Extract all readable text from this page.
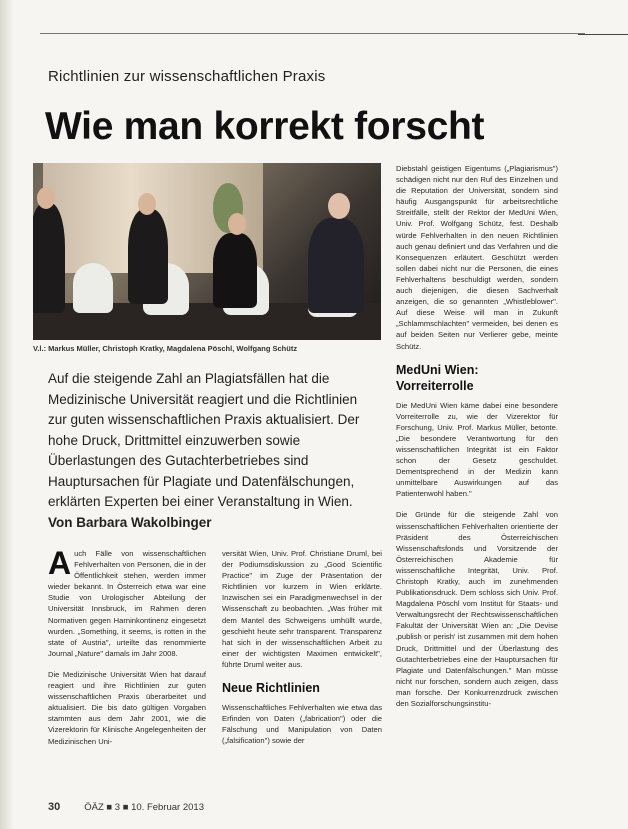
Richtlinien zur wissenschaftlichen Praxis
Wie man korrekt forscht
V.l.: Markus Müller, Christoph Kratky, Magdalena Pöschl, Wolfgang Schütz

Auf die steigende Zahl an Plagiatsfällen hat die Medizinische Universität reagiert und die Richtlinien zur guten wissenschaftlichen Praxis aktualisiert. Der hohe Druck, Drittmittel einzuwerben sowie Überlastungen des Gutachterbetriebes sind Hauptursachen für Plagiate und Datenfälschungen, erklärten Experten bei einer Veranstaltung in Wien.

Von Barbara Wakolbinger

Auch Fälle von wissenschaftlichen Fehlverhalten von Personen, die in der Öffentlichkeit stehen, werden immer wieder bekannt. In Österreich etwa war eine Studie von Urologischer Abteilung der Universität Innsbruck, im Rahmen deren Normativen gegen Harninkontinenz eingesetzt wurden. „Something, it seems, is rotten in the state of Austria", urteilte das renommierte Journal „Nature" damals im Jahr 2008.

Die Medizinische Universität Wien hat darauf reagiert und ihre Richtlinien zur guten wissenschaftlichen Praxis überarbeitet und aktualisiert. Die bis dato gültigen Vorgaben stammten aus dem Jahr 2001, wie die Vizerektorin für Klinische Angelegenheiten der Medizinischen Uni-

versität Wien, Univ. Prof. Christiane Druml, bei der Podiumsdiskussion zu „Good Scientific Practice" im Zuge der Präsentation der Richtlinien vor kurzem in Wien erklärte. Inzwischen sei ein Paradigmenwechsel in der Wissenschaft zu beobachten. „Was früher mit dem Mantel des Schweigens umhüllt wurde, geschieht heute sehr transparent. Transparenz hat sich in der wissenschaftlichen Arbeit zu einer der wichtigsten Maximen entwickelt", führte Druml weiter aus.

Neue Richtlinien

Wissenschaftliches Fehlverhalten wie etwa das Erfinden von Daten („fabrication") oder die Fälschung und Manipulation von Daten („falsification") sowie der

Diebstahl geistigen Eigentums („Plagiarismus") schädigen nicht nur den Ruf des Einzelnen und die Reputation der Universität, sondern sind häufig Ausgangspunkt für arbeitsrechtliche Streitfälle, stellt der Rektor der MedUni Wien, Univ. Prof. Wolfgang Schütz, fest. Deshalb würde Fehlverhalten in den neuen Richtlinien auch genau definiert und das Verfahren und die Konsequenzen erläutert. Geschützt werden sollen dabei nicht nur die Personen, die eines Fehlverhaltens beschuldigt werden, sondern auch diejenigen, die diesen Sachverhalt anzeigen, die so genannten „Whistleblower". Auf diese Weise will man in Zukunft „Schlammschlachten" vermeiden, bei denen es auf beiden Seiten nur Verlierer gebe, meinte Schütz.

MedUni Wien: Vorreiterrolle

Die MedUni Wien käme dabei eine besondere Vorreiterrolle zu, wie der Vizerektor für Forschung, Univ. Prof. Markus Müller, betonte. „Die besondere Verantwortung für den wissenschaftlichen Integrität ist ein Faktor schon der Gesetz geschuldet. Dementsprechend in der Medizin kann unmittelbare Auswirkungen auf das Patientenwohl haben."

Die Gründe für die steigende Zahl von wissenschaftlichen Fehlverhalten orientierte der Präsident des Österreichischen Wissenschaftsfonds und Vorsitzende der Österreichischen Akademie für wissenschaftliche Integrität, Univ. Prof. Christoph Kratky, auch im zunehmenden Publikationsdruck. Dem schloss sich Univ. Prof. Magdalena Pöschl vom Institut für Staats- und Verwaltungsrecht der Rechtswissenschaftlichen Fakultät der Universität Wien an: „Die Devise ‚publish or perish' ist zusammen mit dem hohen Druck, Drittmittel und der Überlastung des Gutachterbetriebes eine der Hauptursachen für Plagiate und Datenfälschungen." Man müsse nicht nur forschen, sondern auch zeigen, dass man forsche. Der Konkurrenzdruck zwischen den Sozialforschungsinstitu-

30	ÖÄZ ■ 3 ■ 10. Februar 2013
